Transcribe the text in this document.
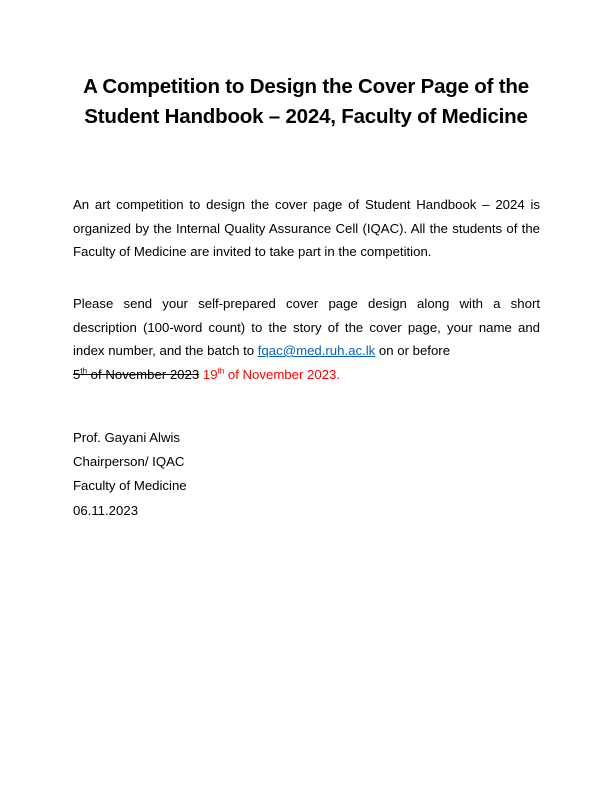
A Competition to Design the Cover Page of the
Student Handbook – 2024, Faculty of Medicine
An art competition to design the cover page of Student Handbook – 2024 is organized by the Internal Quality Assurance Cell (IQAC). All the students of the Faculty of Medicine are invited to take part in the competition.
Please send your self-prepared cover page design along with a short description (100-word count) to the story of the cover page, your name and index number, and the batch to fqac@med.ruh.ac.lk on or before
5th of November 2023 19th of November 2023.
Prof. Gayani Alwis
Chairperson/ IQAC
Faculty of Medicine
06.11.2023
